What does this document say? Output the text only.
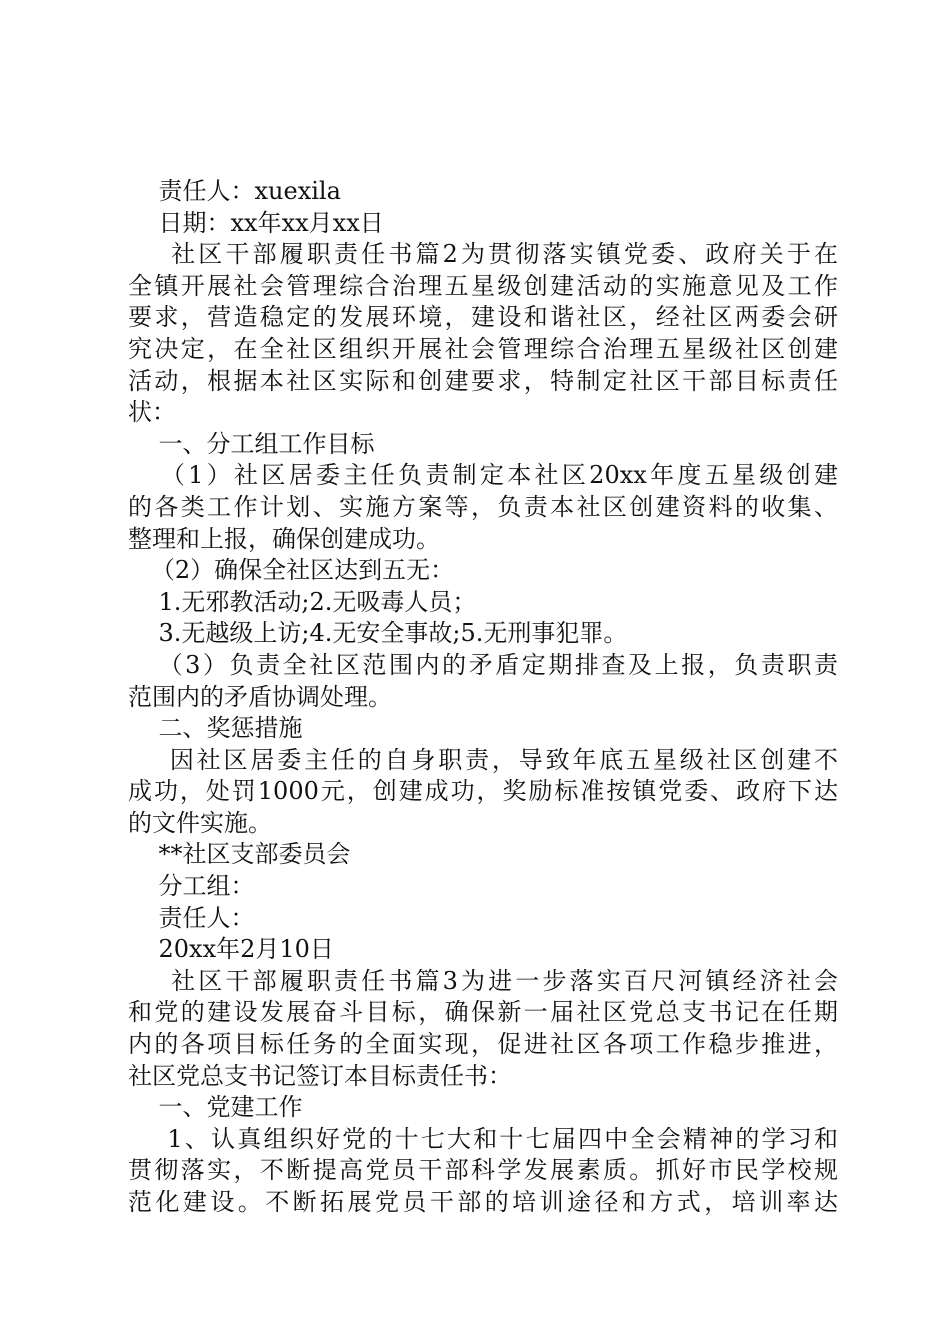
责任人：xuexila
日期：xx年xx月xx日
社区干部履职责任书篇2为贯彻落实镇党委、政府关于在
全镇开展社会管理综合治理五星级创建活动的实施意见及工作
要求，营造稳定的发展环境，建设和谐社区，经社区两委会研
究决定，在全社区组织开展社会管理综合治理五星级社区创建
活动，根据本社区实际和创建要求，特制定社区干部目标责任
状：
一、分工组工作目标
（1）社区居委主任负责制定本社区20xx年度五星级创建
的各类工作计划、实施方案等，负责本社区创建资料的收集、
整理和上报，确保创建成功。
（2）确保全社区达到五无：
1.无邪教活动;2.无吸毒人员；
3.无越级上访;4.无安全事故;5.无刑事犯罪。
（3）负责全社区范围内的矛盾定期排查及上报，负责职责
范围内的矛盾协调处理。
二、奖惩措施
因社区居委主任的自身职责，导致年底五星级社区创建不
成功，处罚1000元，创建成功，奖励标准按镇党委、政府下达
的文件实施。
**社区支部委员会
分工组：
责任人：
20xx年2月10日
社区干部履职责任书篇3为进一步落实百尺河镇经济社会
和党的建设发展奋斗目标，确保新一届社区党总支书记在任期
内的各项目标任务的全面实现，促进社区各项工作稳步推进，
社区党总支书记签订本目标责任书：
一、党建工作
1、认真组织好党的十七大和十七届四中全会精神的学习和
贯彻落实，不断提高党员干部科学发展素质。抓好市民学校规
范化建设。不断拓展党员干部的培训途径和方式，培训率达
